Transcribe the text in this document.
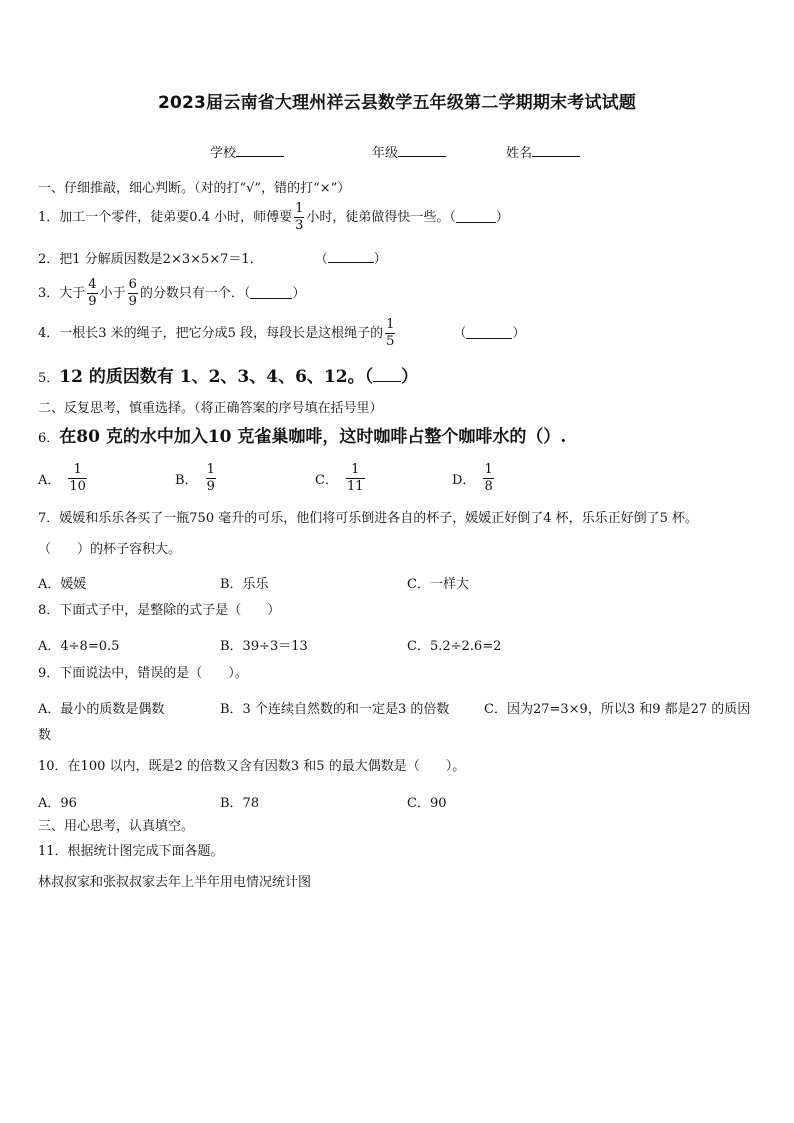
2023届云南省大理州祥云县数学五年级第二学期期末考试试题
学校	年级	姓名
一、仔细推敲，细心判断。（对的打“√”，错的打“×”）
1．加工一个零件，徒弟要0.4 小时，师傅要 $\frac{1}{3}$ 小时，徒弟做得快一些。（	）
2．把1 分解质因数是2×3×5×7＝1．	（	）
3．大于 $\frac{4}{9}$ 小于 $\frac{6}{9}$ 的分数只有一个．（	）
4．一根长3 米的绳子，把它分成5 段，每段长是这根绳子的 $\frac{1}{5}$	（	）
5．12 的质因数有 1、2、3、4、6、12。（ ）
二、反复思考，慎重选择。（将正确答案的序号填在括号里）
6．在80 克的水中加入10 克雀巢咖啡，这时咖啡占整个咖啡水的（）.
A． $\frac{1}{10}$	B． $\frac{1}{9}$	C． $\frac{1}{11}$	D． $\frac{1}{8}$
7．媛媛和乐乐各买了一瓶750 毫升的可乐，他们将可乐倒进各自的杯子，媛媛正好倒了4 杯，乐乐正好倒了5 杯。
（　　）的杯子容积大。
A．媛媛	B．乐乐	C．一样大
8．下面式子中，是整除的式子是（　　）
A．4÷8=0.5	B．39÷3＝13	C．5.2÷2.6=2
9．下面说法中，错误的是（　　）。
A．最小的质数是偶数	B．3 个连续自然数的和一定是3 的倍数	C．因为27=3×9，所以3 和9 都是27 的质因
数
10．在100 以内，既是2 的倍数又含有因数3 和5 的最大偶数是（　　）。
A．96	B．78	C．90
三、用心思考，认真填空。
11．根据统计图完成下面各题。
林叔叔家和张叔叔家去年上半年用电情况统计图
